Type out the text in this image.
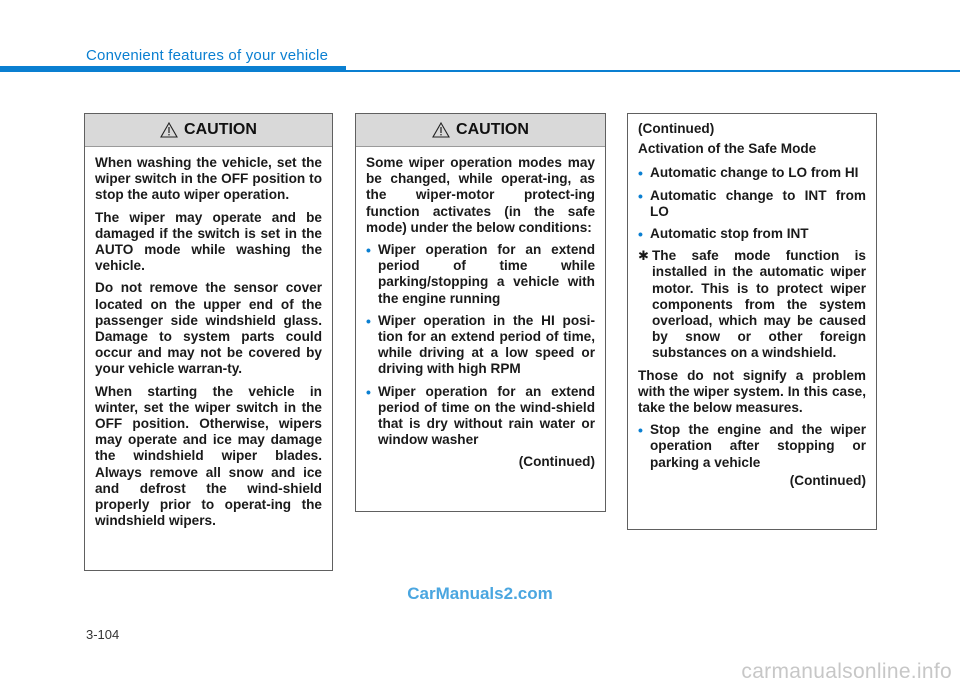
Convenient features of your vehicle
CAUTION

When washing the vehicle, set the wiper switch in the OFF position to stop the auto wiper operation.

The wiper may operate and be damaged if the switch is set in the AUTO mode while washing the vehicle.

Do not remove the sensor cover located on the upper end of the passenger side windshield glass. Damage to system parts could occur and may not be covered by your vehicle warran-ty.

When starting the vehicle in winter, set the wiper switch in the OFF position. Otherwise, wipers may operate and ice may damage the windshield wiper blades. Always remove all snow and ice and defrost the wind-shield properly prior to operat-ing the windshield wipers.

CAUTION

Some wiper operation modes may be changed, while operat-ing, as the wiper-motor protect-ing function activates (in the safe mode) under the below conditions:

• Wiper operation for an extend period of time while parking/stopping a vehicle with the engine running
• Wiper operation in the HI posi-tion for an extend period of time, while driving at a low speed or driving with high RPM
• Wiper operation for an extend period of time on the wind-shield that is dry without rain water or window washer

(Continued)

(Continued)

Activation of the Safe Mode

• Automatic change to LO from HI
• Automatic change to INT from LO
• Automatic stop from INT
✱ The safe mode function is installed in the automatic wiper motor. This is to protect wiper components from the system overload, which may be caused by snow or other foreign substances on a windshield.

Those do not signify a problem with the wiper system. In this case, take the below measures.

• Stop the engine and the wiper operation after stopping or parking a vehicle

(Continued)

CarManuals2.com
3-104
carmanualsonline.info
